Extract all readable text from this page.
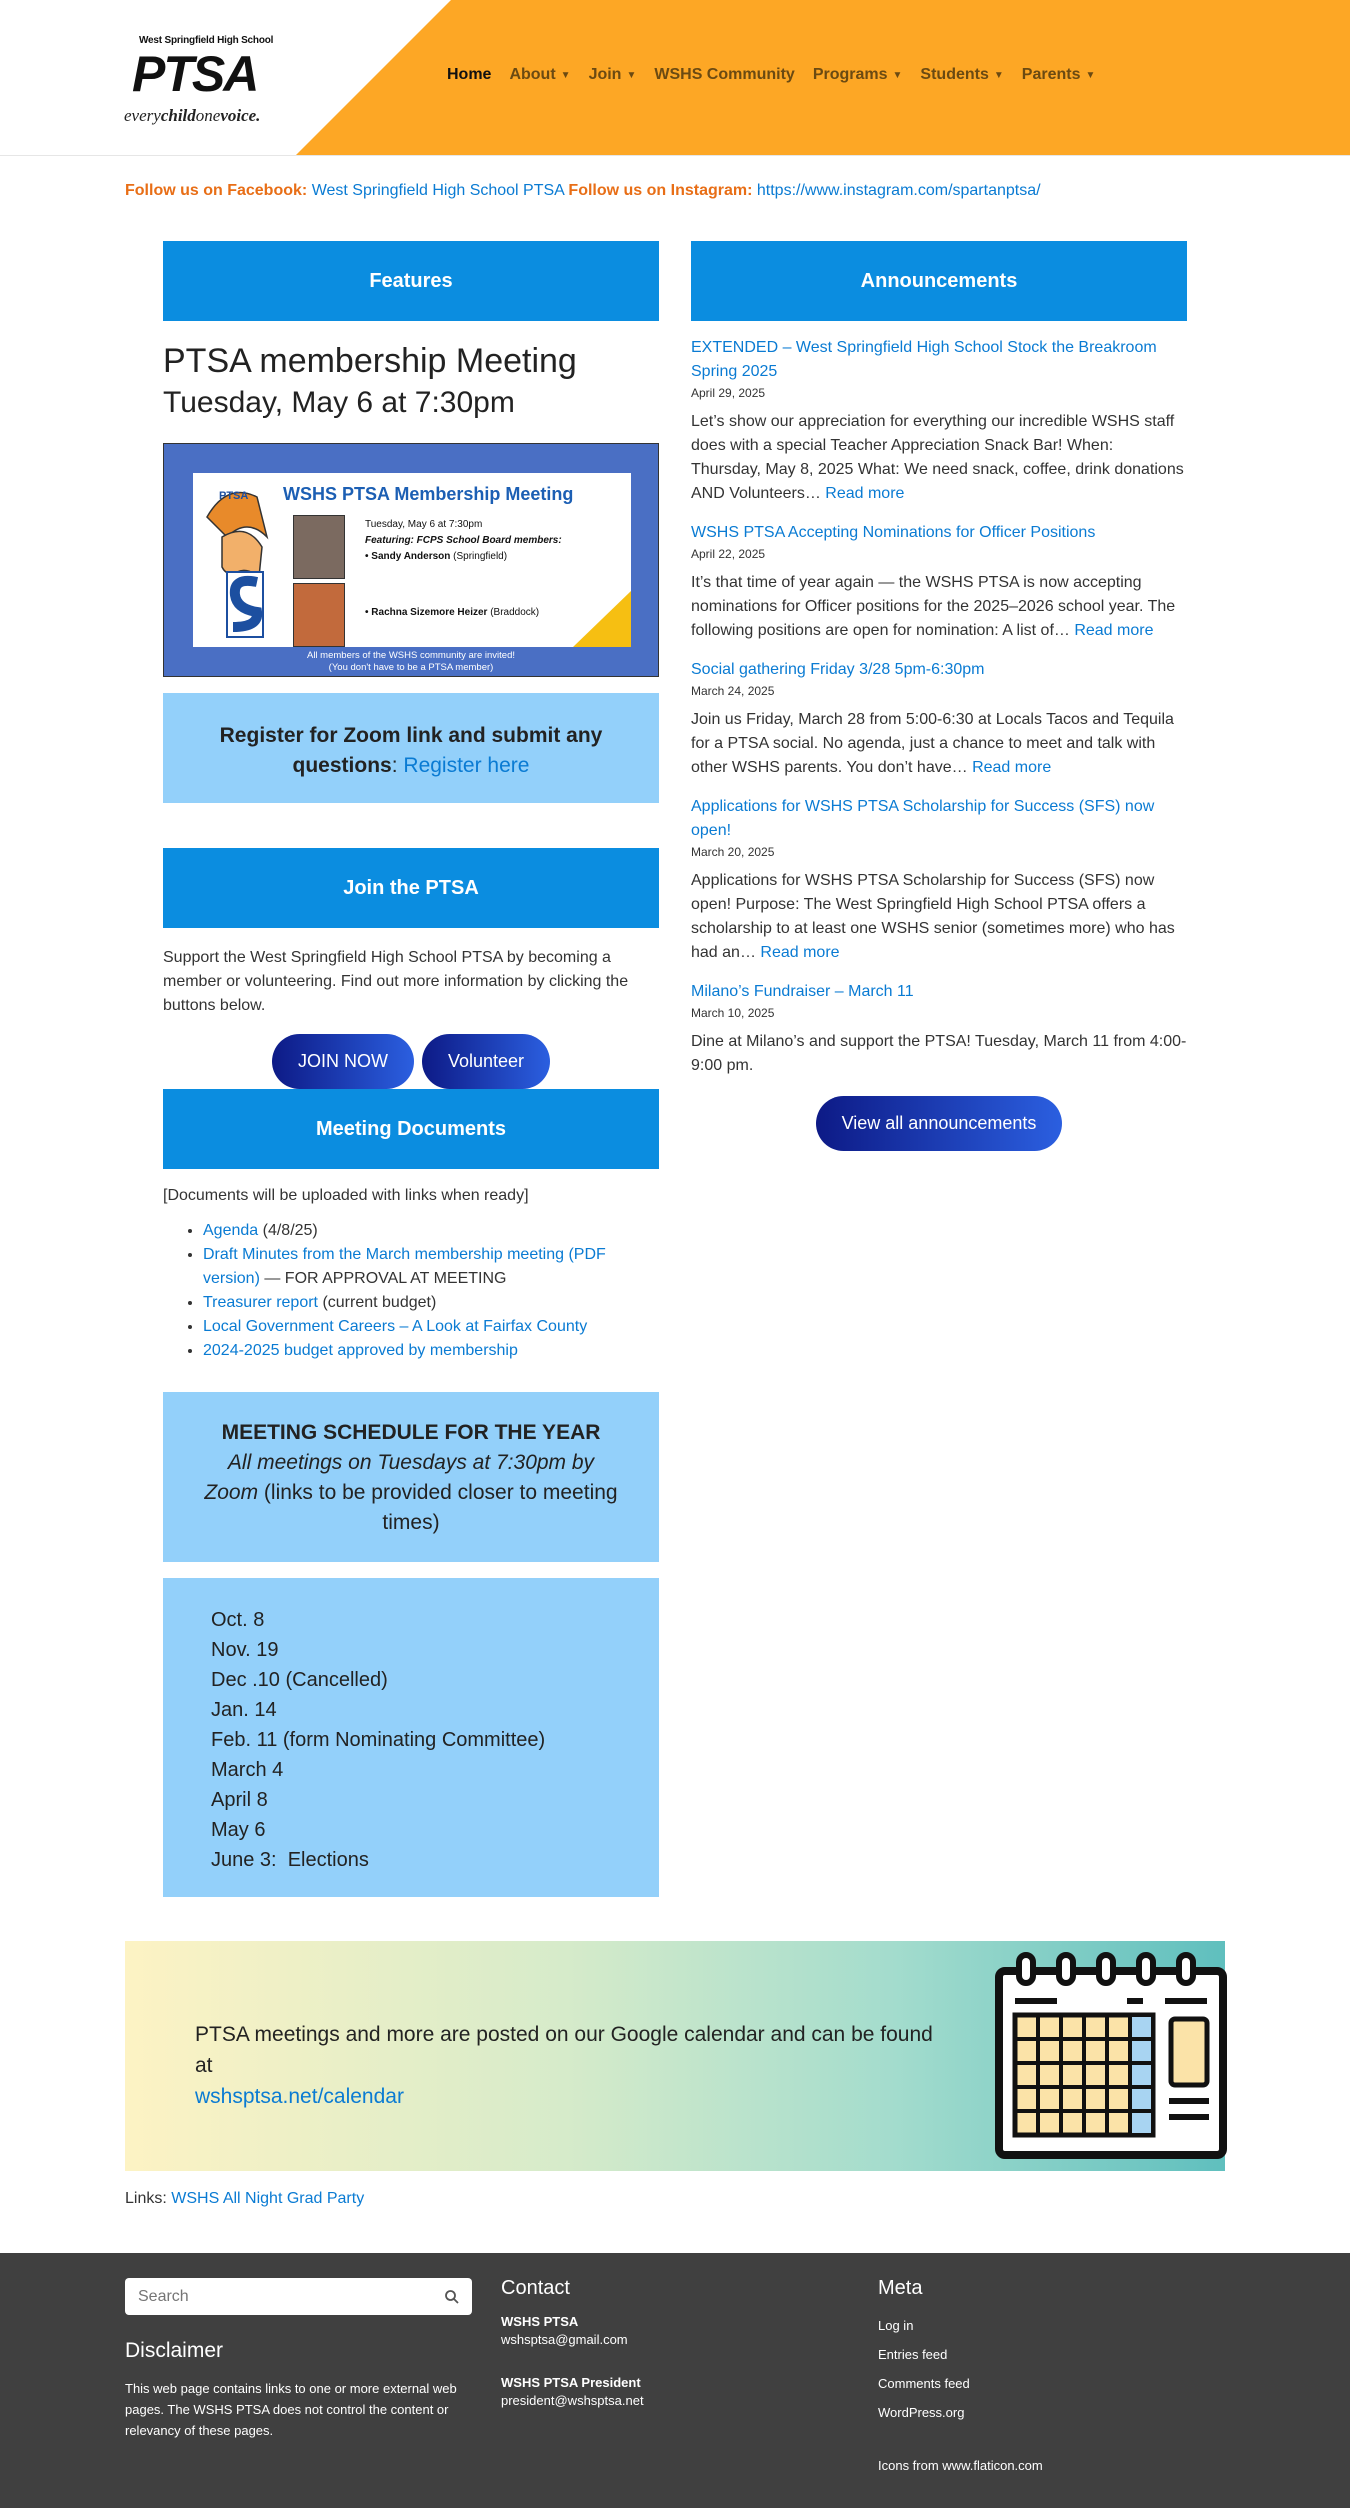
West Springfield High School
PTSA
everychildonevoice.
Home About ▼ Join ▼ WSHS Community Programs ▼ Students ▼ Parents ▼
Follow us on Facebook: West Springfield High School PTSA Follow us on Instagram: https://www.instagram.com/spartanptsa/
Features
PTSA membership Meeting
Tuesday, May 6 at 7:30pm
PTSA WSHS PTSA Membership Meeting
Tuesday, May 6 at 7:30pm
Featuring: FCPS School Board members:
• Sandy Anderson (Springfield)
• Rachna Sizemore Heizer (Braddock)
All members of the WSHS community are invited!
(You don't have to be a PTSA member)
Register for Zoom link and submit any questions: Register here
Join the PTSA
Support the West Springfield High School PTSA by becoming a member or volunteering. Find out more information by clicking the buttons below.
JOIN NOW	Volunteer
Meeting Documents
[Documents will be uploaded with links when ready]
• Agenda (4/8/25)
• Draft Minutes from the March membership meeting (PDF version) — FOR APPROVAL AT MEETING
• Treasurer report (current budget)
• Local Government Careers – A Look at Fairfax County
• 2024-2025 budget approved by membership
MEETING SCHEDULE FOR THE YEAR
All meetings on Tuesdays at 7:30pm by Zoom (links to be provided closer to meeting times)
Oct. 8
Nov. 19
Dec .10 (Cancelled)
Jan. 14
Feb. 11 (form Nominating Committee)
March 4
April 8
May 6
June 3:  Elections
Announcements
EXTENDED – West Springfield High School Stock the Breakroom Spring 2025
April 29, 2025
Let’s show our appreciation for everything our incredible WSHS staff does with a special Teacher Appreciation Snack Bar! When: Thursday, May 8, 2025 What: We need snack, coffee, drink donations AND Volunteers… Read more
WSHS PTSA Accepting Nominations for Officer Positions
April 22, 2025
It’s that time of year again — the WSHS PTSA is now accepting nominations for Officer positions for the 2025–2026 school year. The following positions are open for nomination: A list of… Read more
Social gathering Friday 3/28 5pm-6:30pm
March 24, 2025
Join us Friday, March 28 from 5:00-6:30 at Locals Tacos and Tequila for a PTSA social. No agenda, just a chance to meet and talk with other WSHS parents. You don’t have… Read more
Applications for WSHS PTSA Scholarship for Success (SFS) now open!
March 20, 2025
Applications for WSHS PTSA Scholarship for Success (SFS) now open! Purpose: The West Springfield High School PTSA offers a scholarship to at least one WSHS senior (sometimes more) who has had an… Read more
Milano’s Fundraiser – March 11
March 10, 2025
Dine at Milano’s and support the PTSA! Tuesday, March 11 from 4:00-9:00 pm.
View all announcements
PTSA meetings and more are posted on our Google calendar and can be found at
wshsptsa.net/calendar
Links: WSHS All Night Grad Party
Search
Disclaimer
This web page contains links to one or more external web pages. The WSHS PTSA does not control the content or relevancy of these pages.
Contact
WSHS PTSA
wshsptsa@gmail.com
WSHS PTSA President
president@wshsptsa.net
Meta
Log in
Entries feed
Comments feed
WordPress.org
Icons from www.flaticon.com
